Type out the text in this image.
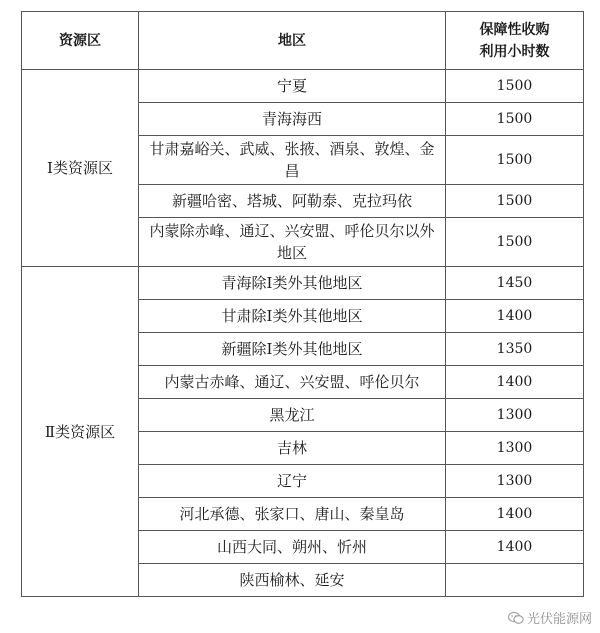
资源区	地区	保障性收购
利用小时数
Ⅰ类资源区	宁夏	1500
	青海海西	1500
	甘肃嘉峪关、武威、张掖、酒泉、敦煌、金昌	1500
	新疆哈密、塔城、阿勒泰、克拉玛依	1500
	内蒙除赤峰、通辽、兴安盟、呼伦贝尔以外地区	1500
Ⅱ类资源区	青海除Ⅰ类外其他地区	1450
	甘肃除Ⅰ类外其他地区	1400
	新疆除Ⅰ类外其他地区	1350
	内蒙古赤峰、通辽、兴安盟、呼伦贝尔	1400
	黑龙江	1300
	吉林	1300
	辽宁	1300
	河北承德、张家口、唐山、秦皇岛	1400
	山西大同、朔州、忻州	1400
	陕西榆林、延安	
光伏能源网
